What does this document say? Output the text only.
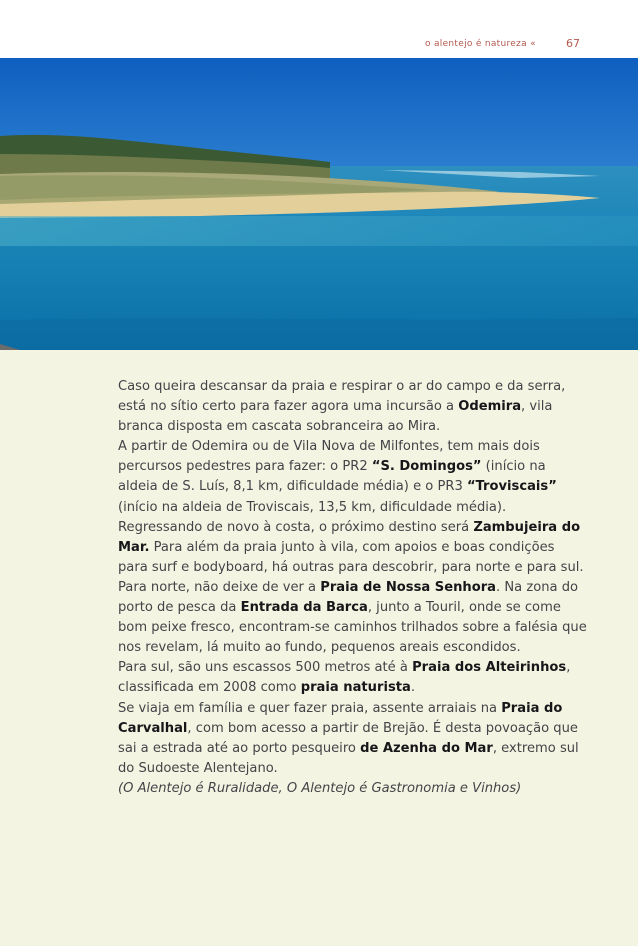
o alentejo é natureza «	67

Caso queira descansar da praia e respirar o ar do campo e da serra, está no sítio certo para fazer agora uma incursão a Odemira, vila branca disposta em cascata sobranceira ao Mira.

A partir de Odemira ou de Vila Nova de Milfontes, tem mais dois percursos pedestres para fazer: o PR2 “S. Domingos” (início na aldeia de S. Luís, 8,1 km, dificuldade média) e o PR3 “Troviscais” (início na aldeia de Troviscais, 13,5 km, dificuldade média).

Regressando de novo à costa, o próximo destino será Zambujeira do Mar. Para além da praia junto à vila, com apoios e boas condições para surf e bodyboard, há outras para descobrir, para norte e para sul.

Para norte, não deixe de ver a Praia de Nossa Senhora. Na zona do porto de pesca da Entrada da Barca, junto a Touril, onde se come bom peixe fresco, encontram-se caminhos trilhados sobre a falésia que nos revelam, lá muito ao fundo, pequenos areais escondidos.

Para sul, são uns escassos 500 metros até à Praia dos Alteirinhos, classificada em 2008 como praia naturista.

Se viaja em família e quer fazer praia, assente arraiais na Praia do Carvalhal, com bom acesso a partir de Brejão. É desta povoação que sai a estrada até ao porto pesqueiro de Azenha do Mar, extremo sul do Sudoeste Alentejano.

(O Alentejo é Ruralidade, O Alentejo é Gastronomia e Vinhos)
